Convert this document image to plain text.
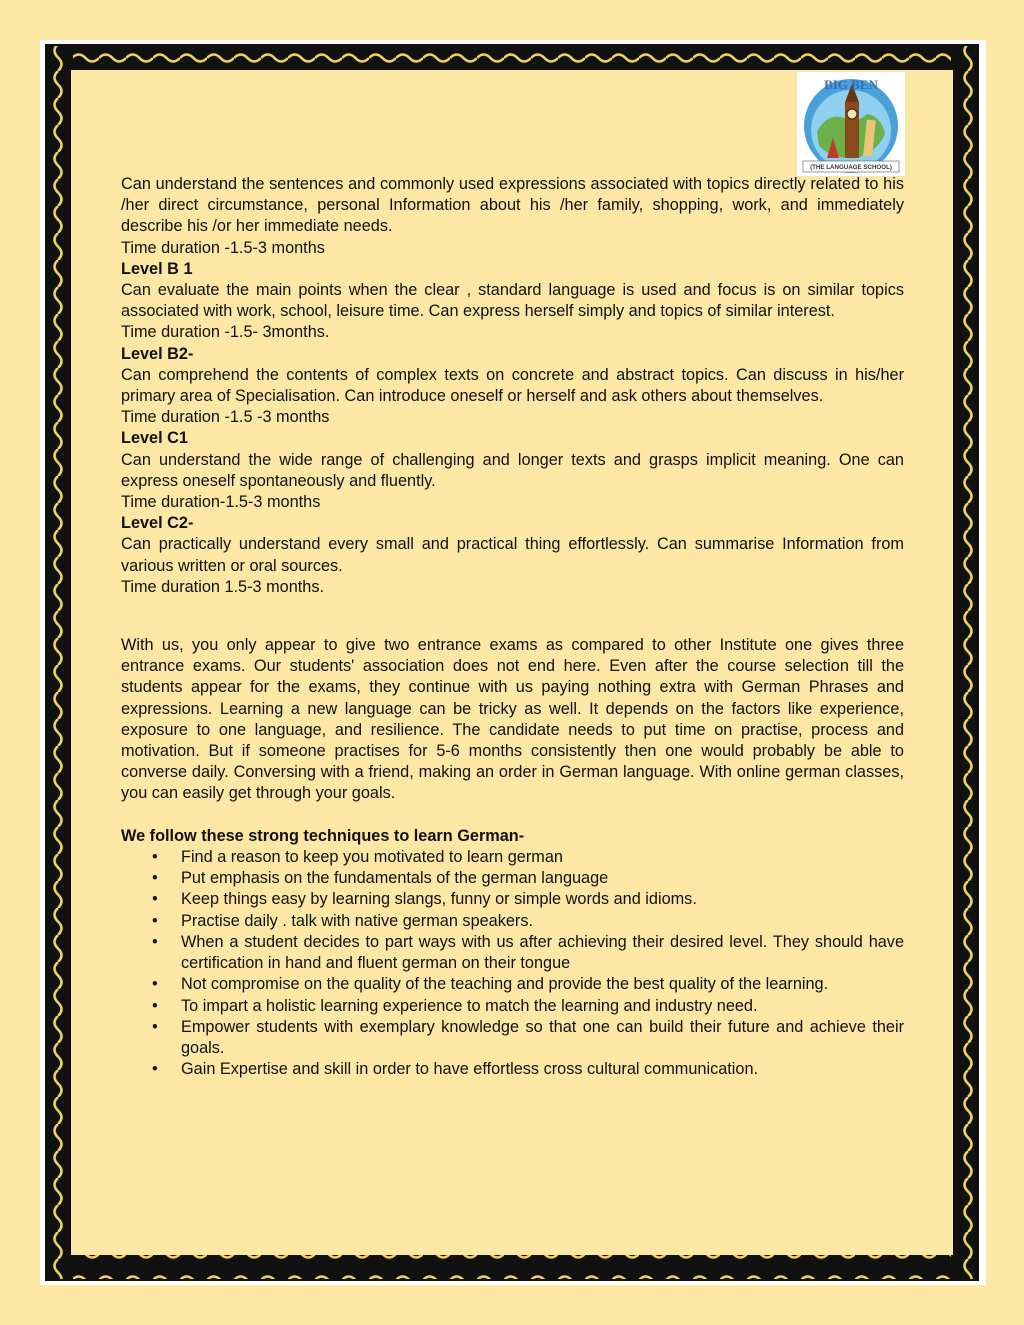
BIG BEN
(THE LANGUAGE SCHOOL)

Can understand the sentences and commonly used expressions associated with topics directly related to his /her direct circumstance, personal Information about his /her family, shopping, work, and immediately describe his /or her immediate needs.

Time duration -1.5-3 months

Level B 1

Can evaluate the main points when the clear , standard language is used and focus is on similar topics associated with work, school, leisure time. Can express herself simply and topics of similar interest.

Time duration -1.5- 3months.

Level B2-

Can comprehend the contents of complex texts on concrete and abstract topics. Can discuss in his/her primary area of Specialisation. Can introduce oneself or herself and ask others about themselves.

Time duration -1.5 -3 months

Level C1

Can understand the wide range of challenging and longer texts and grasps implicit meaning. One can express oneself spontaneously and fluently.

Time duration-1.5-3 months

Level C2-

Can practically understand every small and practical thing effortlessly. Can summarise Information from various written or oral sources.

Time duration 1.5-3 months.

With us, you only appear to give two entrance exams as compared to other Institute one gives three entrance exams. Our students' association does not end here. Even after the course selection till the students appear for the exams, they continue with us paying nothing extra with German Phrases and expressions. Learning a new language can be tricky as well. It depends on the factors like experience, exposure to one language, and resilience. The candidate needs to put time on practise, process and motivation. But if someone practises for 5-6 months consistently then one would probably be able to converse daily. Conversing with a friend, making an order in German language. With online german classes, you can easily get through your goals.

We follow these strong techniques to learn German-

• Find a reason to keep you motivated to learn german
• Put emphasis on the fundamentals of the german language
• Keep things easy by learning slangs, funny or simple words and idioms.
• Practise daily . talk with native german speakers.
• When a student decides to part ways with us after achieving their desired level. They should have certification in hand and fluent german on their tongue
• Not compromise on the quality of the teaching and provide the best quality of the learning.
• To impart a holistic learning experience to match the learning and industry need.
• Empower students with exemplary knowledge so that one can build their future and achieve their goals.
• Gain Expertise and skill in order to have effortless cross cultural communication.
